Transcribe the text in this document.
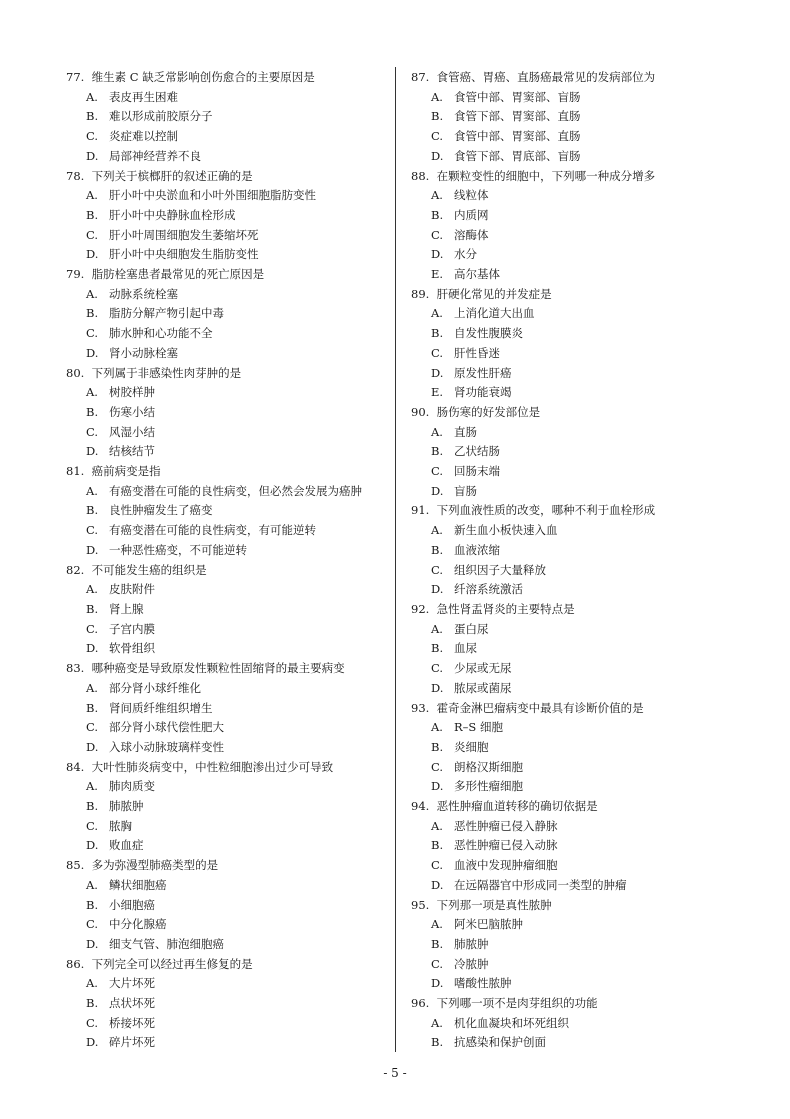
77. 维生素 C 缺乏常影响创伤愈合的主要原因是
A. 表皮再生困难
B. 难以形成前胶原分子
C. 炎症难以控制
D. 局部神经营养不良
78. 下列关于槟榔肝的叙述正确的是
A. 肝小叶中央淤血和小叶外围细胞脂肪变性
B. 肝小叶中央静脉血栓形成
C. 肝小叶周围细胞发生萎缩坏死
D. 肝小叶中央细胞发生脂肪变性
79. 脂肪栓塞患者最常见的死亡原因是
A. 动脉系统栓塞
B. 脂肪分解产物引起中毒
C. 肺水肿和心功能不全
D. 肾小动脉栓塞
80. 下列属于非感染性肉芽肿的是
A. 树胶样肿
B. 伤寒小结
C. 风湿小结
D. 结核结节
81. 癌前病变是指
A. 有癌变潜在可能的良性病变，但必然会发展为癌肿
B. 良性肿瘤发生了癌变
C. 有癌变潜在可能的良性病变，有可能逆转
D. 一种恶性癌变，不可能逆转
82. 不可能发生癌的组织是
A. 皮肤附件
B. 肾上腺
C. 子宫内膜
D. 软骨组织
83. 哪种癌变是导致原发性颗粒性固缩肾的最主要病变
A. 部分肾小球纤维化
B. 肾间质纤维组织增生
C. 部分肾小球代偿性肥大
D. 入球小动脉玻璃样变性
84. 大叶性肺炎病变中，中性粒细胞渗出过少可导致
A. 肺肉质变
B. 肺脓肿
C. 脓胸
D. 败血症
85. 多为弥漫型肺癌类型的是
A. 鳞状细胞癌
B. 小细胞癌
C. 中分化腺癌
D. 细支气管、肺泡细胞癌
86. 下列完全可以经过再生修复的是
A. 大片坏死
B. 点状坏死
C. 桥接坏死
D. 碎片坏死
87. 食管癌、胃癌、直肠癌最常见的发病部位为
A. 食管中部、胃窦部、盲肠
B. 食管下部、胃窦部、直肠
C. 食管中部、胃窦部、直肠
D. 食管下部、胃底部、盲肠
88. 在颗粒变性的细胞中，下列哪一种成分增多
A. 线粒体
B. 内质网
C. 溶酶体
D. 水分
E. 高尔基体
89. 肝硬化常见的并发症是
A. 上消化道大出血
B. 自发性腹膜炎
C. 肝性昏迷
D. 原发性肝癌
E. 肾功能衰竭
90. 肠伤寒的好发部位是
A. 直肠
B. 乙状结肠
C. 回肠末端
D. 盲肠
91. 下列血液性质的改变，哪种不利于血栓形成
A. 新生血小板快速入血
B. 血液浓缩
C. 组织因子大量释放
D. 纤溶系统激活
92. 急性肾盂肾炎的主要特点是
A. 蛋白尿
B. 血尿
C. 少尿或无尿
D. 脓尿或菌尿
93. 霍奇金淋巴瘤病变中最具有诊断价值的是
A. R–S 细胞
B. 炎细胞
C. 朗格汉斯细胞
D. 多形性瘤细胞
94. 恶性肿瘤血道转移的确切依据是
A. 恶性肿瘤已侵入静脉
B. 恶性肿瘤已侵入动脉
C. 血液中发现肿瘤细胞
D. 在远隔器官中形成同一类型的肿瘤
95. 下列那一项是真性脓肿
A. 阿米巴脑脓肿
B. 肺脓肿
C. 冷脓肿
D. 嗜酸性脓肿
96. 下列哪一项不是肉芽组织的功能
A. 机化血凝块和坏死组织
B. 抗感染和保护创面
- 5 -
